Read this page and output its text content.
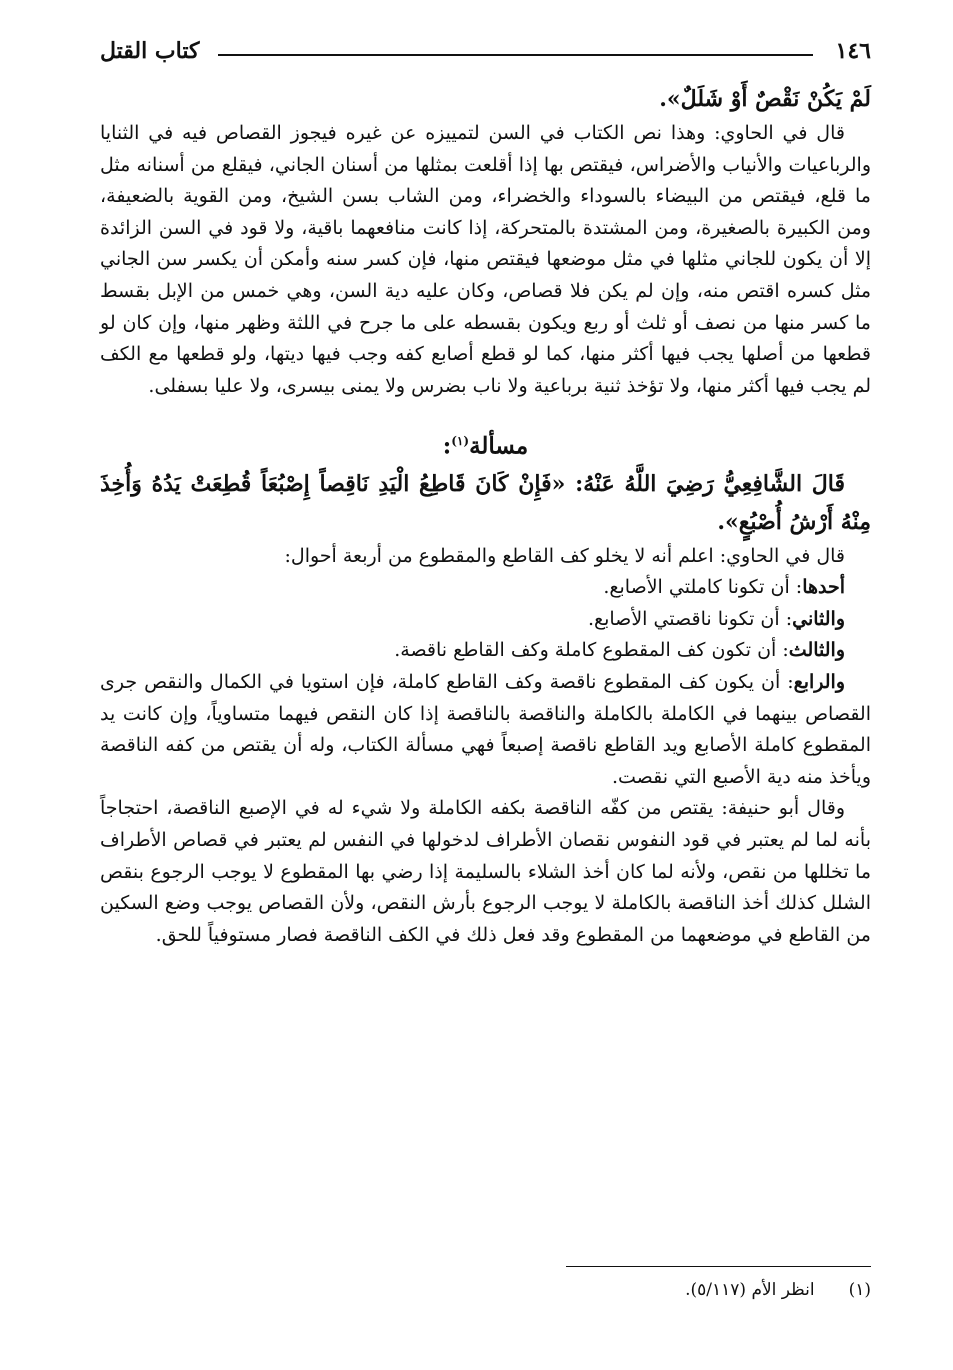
١٤٦
كتاب القتل

لَمْ يَكُنْ نَقْصٌ أَوْ شَلَلٌ».

قال في الحاوي: وهذا نص الكتاب في السن لتمييزه عن غيره فيجوز القصاص فيه في الثنايا والرباعيات والأنياب والأضراس، فيقتص بها إذا أقلعت بمثلها من أسنان الجاني، فيقلع من أسنانه مثل ما قلع، فيقتص من البيضاء بالسوداء والخضراء، ومن الشاب بسن الشيخ، ومن القوية بالضعيفة، ومن الكبيرة بالصغيرة، ومن المشتدة بالمتحركة، إذا كانت منافعهما باقية، ولا قود في السن الزائدة إلا أن يكون للجاني مثلها في مثل موضعها فيقتص منها، فإن كسر سنه وأمكن أن يكسر سن الجاني مثل كسره اقتص منه، وإن لم يكن فلا قصاص، وكان عليه دية السن، وهي خمس من الإبل بقسط ما كسر منها من نصف أو ثلث أو ربع ويكون بقسطه على ما جرح في اللثة وظهر منها، وإن كان لو قطعها من أصلها يجب فيها أكثر منها، كما لو قطع أصابع كفه وجب فيها ديتها، ولو قطعها مع الكف لم يجب فيها أكثر منها، ولا تؤخذ ثنية برباعية ولا ناب بضرس ولا يمنى بيسرى، ولا عليا بسفلى.

مسألة$^{(١)}$:

قَالَ الشَّافِعِيُّ رَضِيَ اللَّهُ عَنْهُ: «فَإِنْ كَانَ قَاطِعُ الْيَدِ نَاقِصاً إِصْبُعَاً قُطِعَتْ يَدُهُ وَأُخِذَ مِنْهُ أَرْشُ أُصْبُعٍ».

قال في الحاوي: اعلم أنه لا يخلو كف القاطع والمقطوع من أربعة أحوال:

أحدها: أن تكونا كاملتي الأصابع.

والثاني: أن تكونا ناقصتي الأصابع.

والثالث: أن تكون كف المقطوع كاملة وكف القاطع ناقصة.

والرابع: أن يكون كف المقطوع ناقصة وكف القاطع كاملة، فإن استويا في الكمال والنقص جرى القصاص بينهما في الكاملة بالكاملة والناقصة بالناقصة إذا كان النقص فيهما متساوياً، وإن كانت يد المقطوع كاملة الأصابع ويد القاطع ناقصة إصبعاً فهي مسألة الكتاب، وله أن يقتص من كفه الناقصة ويأخذ منه دية الأصبع التي نقصت.

وقال أبو حنيفة: يقتص من كفّه الناقصة بكفه الكاملة ولا شيء له في الإصبع الناقصة، احتجاجاً بأنه لما لم يعتبر في قود النفوس نقصان الأطراف لدخولها في النفس لم يعتبر في قصاص الأطراف ما تخللها من نقص، ولأنه لما كان أخذ الشلاء بالسليمة إذا رضي بها المقطوع لا يوجب الرجوع بنقص الشلل كذلك أخذ الناقصة بالكاملة لا يوجب الرجوع بأرش النقص، ولأن القصاص يوجب وضع السكين من القاطع في موضعهما من المقطوع وقد فعل ذلك في الكف الناقصة فصار مستوفياً للحق.

(١)انظر الأم (٥/١١٧).
